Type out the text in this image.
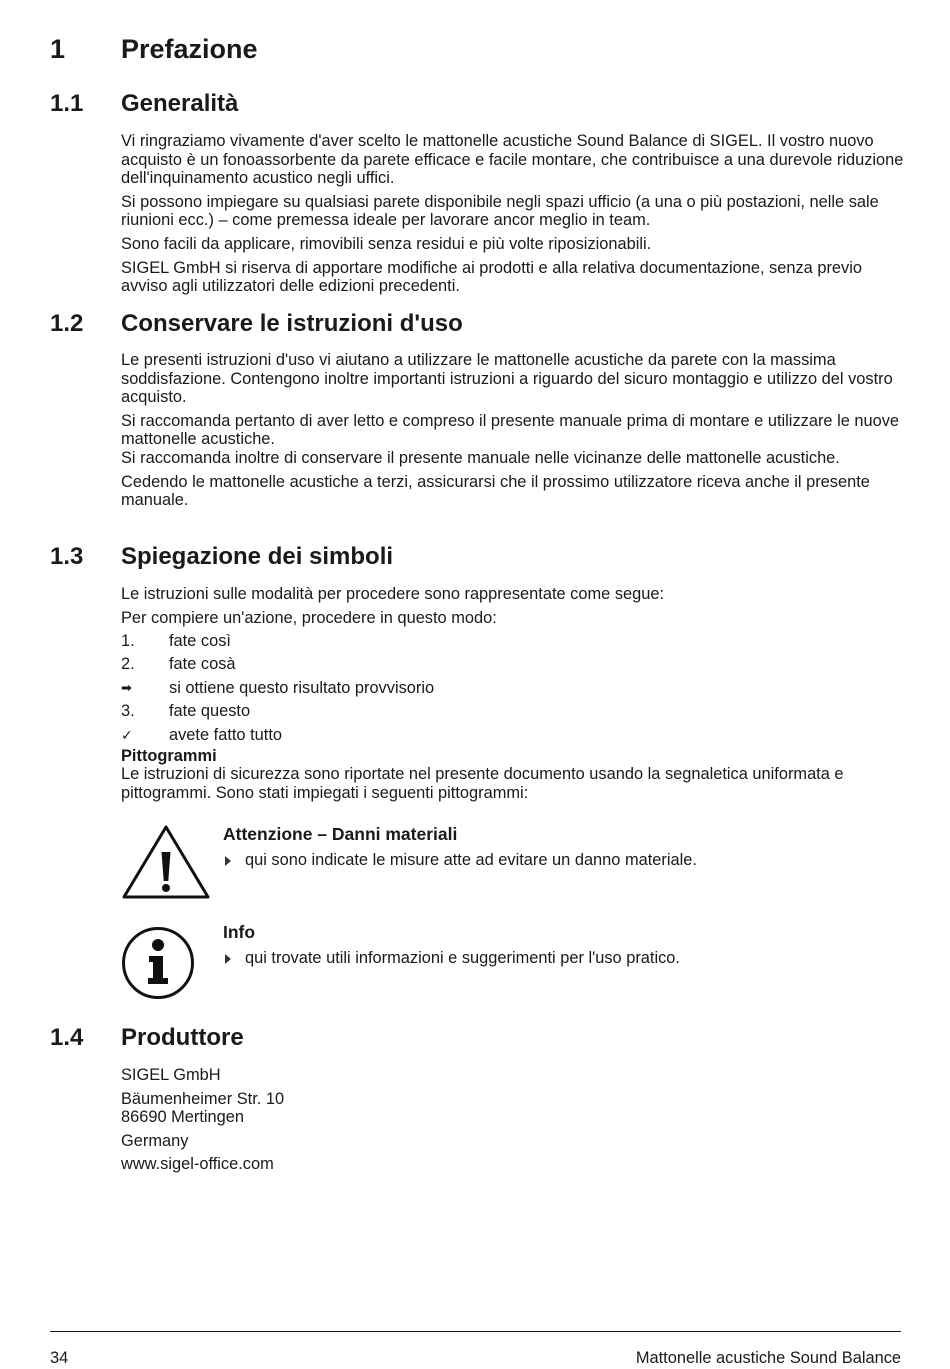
1 Prefazione
1.1 Generalità

Vi ringraziamo vivamente d'aver scelto le mattonelle acustiche Sound Balance di SIGEL. Il vostro nuovo acquisto è un fonoassorbente da parete efficace e facile montare, che contribuisce a una durevole riduzione dell'inquinamento acustico negli uffici.

Si possono impiegare su qualsiasi parete disponibile negli spazi ufficio (a una o più postazioni, nelle sale riunioni ecc.) – come premessa ideale per lavorare ancor meglio in team.

Sono facili da applicare, rimovibili senza residui e più volte riposizionabili.

SIGEL GmbH si riserva di apportare modifiche ai prodotti e alla relativa documentazione, senza previo avviso agli utilizzatori delle edizioni precedenti.

1.2 Conservare le istruzioni d'uso

Le presenti istruzioni d'uso vi aiutano a utilizzare le mattonelle acustiche da parete con la massima soddisfazione. Contengono inoltre importanti istruzioni a riguardo del sicuro montaggio e utilizzo del vostro acquisto.

Si raccomanda pertanto di aver letto e compreso il presente manuale prima di montare e utilizzare le nuove mattonelle acustiche.

Si raccomanda inoltre di conservare il presente manuale nelle vicinanze delle mattonelle acustiche.

Cedendo le mattonelle acustiche a terzi, assicurarsi che il prossimo utilizzatore riceva anche il presente manuale.

1.3 Spiegazione dei simboli

Le istruzioni sulle modalità per procedere sono rappresentate come segue:

Per compiere un'azione, procedere in questo modo:

1.	fate così
2.	fate cosà
➡	si ottiene questo risultato provvisorio
3.	fate questo
✓	avete fatto tutto

Pittogrammi

Le istruzioni di sicurezza sono riportate nel presente documento usando la segnaletica uniformata e pittogrammi. Sono stati impiegati i seguenti pittogrammi:

Attenzione – Danni materiali
qui sono indicate le misure atte ad evitare un danno materiale.
Info
qui trovate utili informazioni e suggerimenti per l'uso pratico.
1.4 Produttore

SIGEL GmbH

Bäumenheimer Str. 10

86690 Mertingen

Germany

www.sigel-office.com

34	Mattonelle acustiche Sound Balance
